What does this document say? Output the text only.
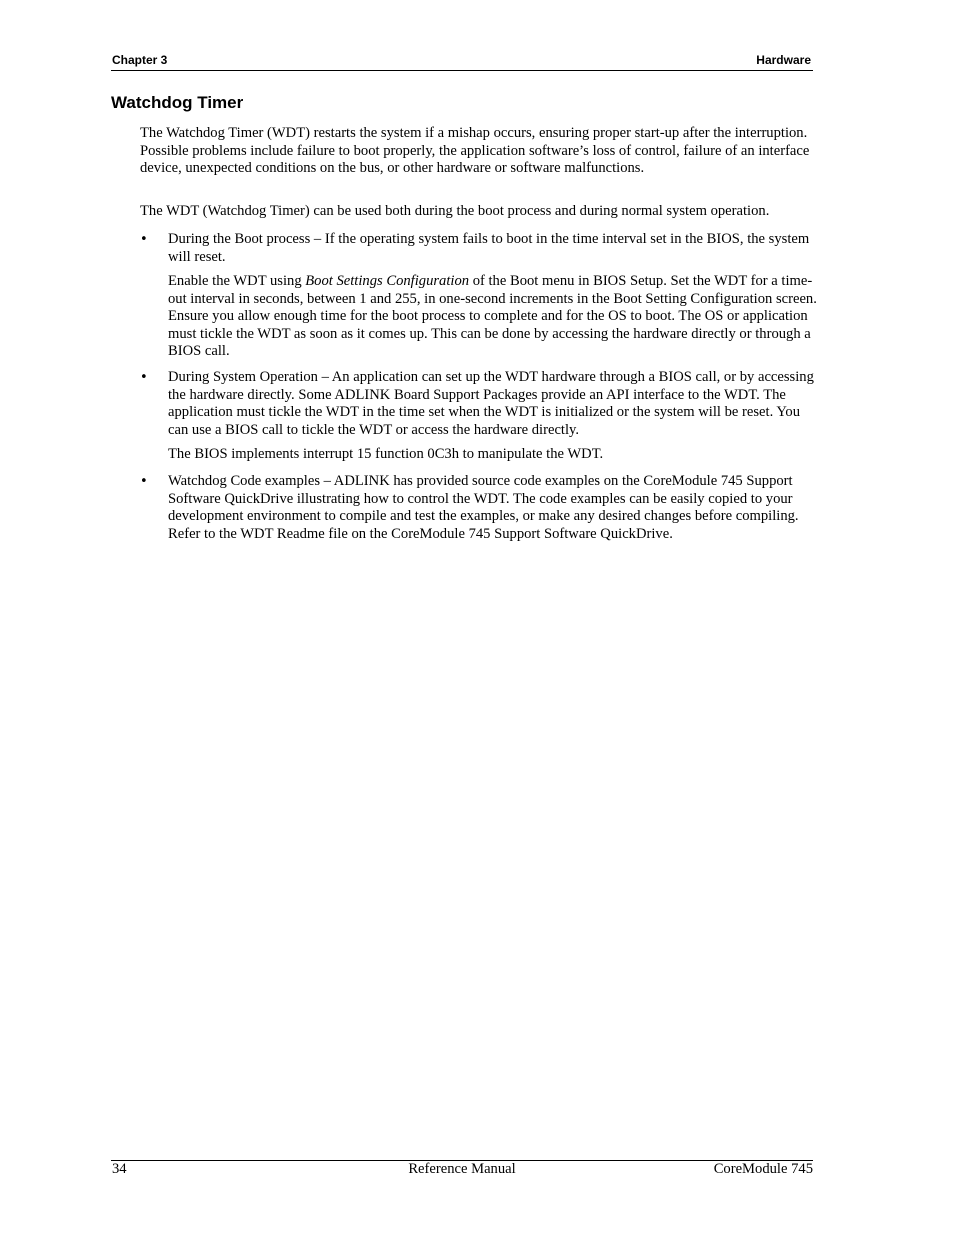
Chapter 3	Hardware
Watchdog Timer

The Watchdog Timer (WDT) restarts the system if a mishap occurs, ensuring proper start-up after the interruption. Possible problems include failure to boot properly, the application software’s loss of control, failure of an interface device, unexpected conditions on the bus, or other hardware or software malfunctions.

The WDT (Watchdog Timer) can be used both during the boot process and during normal system operation.

• During the Boot process – If the operating system fails to boot in the time interval set in the BIOS, the system will reset.

Enable the WDT using Boot Settings Configuration of the Boot menu in BIOS Setup. Set the WDT for a time-out interval in seconds, between 1 and 255, in one-second increments in the Boot Setting Configuration screen. Ensure you allow enough time for the boot process to complete and for the OS to boot. The OS or application must tickle the WDT as soon as it comes up. This can be done by accessing the hardware directly or through a BIOS call.

• During System Operation – An application can set up the WDT hardware through a BIOS call, or by accessing the hardware directly. Some ADLINK Board Support Packages provide an API interface to the WDT. The application must tickle the WDT in the time set when the WDT is initialized or the system will be reset. You can use a BIOS call to tickle the WDT or access the hardware directly.

The BIOS implements interrupt 15 function 0C3h to manipulate the WDT.

• Watchdog Code examples – ADLINK has provided source code examples on the CoreModule 745 Support Software QuickDrive illustrating how to control the WDT. The code examples can be easily copied to your development environment to compile and test the examples, or make any desired changes before compiling. Refer to the WDT Readme file on the CoreModule 745 Support Software QuickDrive.

34	Reference Manual	CoreModule 745
